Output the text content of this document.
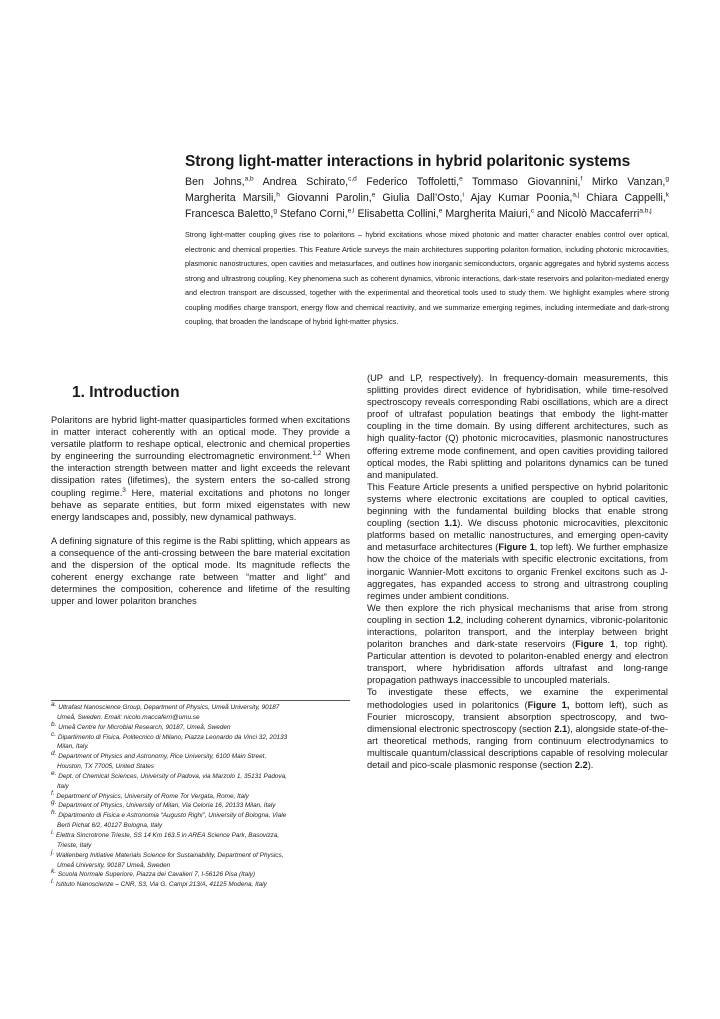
Strong light-matter interactions in hybrid polaritonic systems
Ben Johns,$^{a,b}$ Andrea Schirato,$^{c,d}$ Federico Toffoletti,$^e$ Tommaso Giovannini,$^f$ Mirko Vanzan,$^g$ Margherita Marsili,$^h$ Giovanni Parolin,$^e$ Giulia Dall’Osto,$^i$ Ajay Kumar Poonia,$^{a,j}$ Chiara Cappelli,$^k$ Francesca Baletto,$^g$ Stefano Corni,$^{e,l}$ Elisabetta Collini,$^e$ Margherita Maiuri,$^c$ and Nicolò Maccaferri$^{a,b,j}$

Strong light-matter coupling gives rise to polaritons – hybrid excitations whose mixed photonic and matter character enables control over optical, electronic and chemical properties. This Feature Article surveys the main architectures supporting polariton formation, including photonic microcavities, plasmonic nanostructures, open cavities and metasurfaces, and outlines how inorganic semiconductors, organic aggregates and hybrid systems access strong and ultrastrong coupling. Key phenomena such as coherent dynamics, vibronic interactions, dark-state reservoirs and polariton-mediated energy and electron transport are discussed, together with the experimental and theoretical tools used to study them. We highlight examples where strong coupling modifies charge transport, energy flow and chemical reactivity, and we summarize emerging regimes, including intermediate and dark-strong coupling, that broaden the landscape of hybrid light-matter physics.

1. Introduction

Polaritons are hybrid light-matter quasiparticles formed when excitations in matter interact coherently with an optical mode. They provide a versatile platform to reshape optical, electronic and chemical properties by engineering the surrounding electromagnetic environment.$^{1,2}$ When the interaction strength between matter and light exceeds the relevant dissipation rates (lifetimes), the system enters the so-called strong coupling regime.$^3$ Here, material excitations and photons no longer behave as separate entities, but form mixed eigenstates with new energy landscapes and, possibly, new dynamical pathways.

A defining signature of this regime is the Rabi splitting, which appears as a consequence of the anti-crossing between the bare material excitation and the dispersion of the optical mode. Its magnitude reflects the coherent energy exchange rate between “matter and light” and determines the composition, coherence and lifetime of the resulting upper and lower polariton branches

$^{a.}$ Ultrafast Nanoscience Group, Department of Physics, Umeå University, 90187
Umeå, Sweden. Email: nicolo.maccaferri@umu.se
$^{b.}$ Umeå Centre for Microbial Research, 90187, Umeå, Sweden
$^{c.}$ Dipartimento di Fisica, Politecnico di Milano, Piazza Leonardo da Vinci 32, 20133
Milan, Italy.
$^{d.}$ Department of Physics and Astronomy, Rice University, 6100 Main Street,
Houston, TX 77005, United States
$^{e.}$ Dept. of Chemical Sciences, University of Padova, via Marzolo 1, 35131 Padova,
Italy
$^{f.}$ Department of Physics, University of Rome Tor Vergata, Rome, Italy
$^{g.}$ Department of Physics, University of Milan, Via Celoria 16, 20133 Milan, Italy
$^{h.}$ Dipartimento di Fisica e Astronomia “Augusto Righi”, University of Bologna, Viale
Berti Pichat 6/2, 40127 Bologna, Italy
$^{i.}$ Elettra Sincrotrone Trieste, SS 14 Km 163.5 in AREA Science Park, Basovizza,
Trieste, Italy
$^{j.}$ Wallenberg Initiative Materials Science for Sustainability, Department of Physics,
Umeå University, 90187 Umeå, Sweden
$^{k.}$ Scuola Normale Superiore, Piazza dei Cavalieri 7, I-56126 Pisa (Italy)
$^{l.}$ Istituto Nanoscienze – CNR, S3, Via G. Campi 213/A, 41125 Modena, Italy

(UP and LP, respectively). In frequency-domain measurements, this splitting provides direct evidence of hybridisation, while time-resolved spectroscopy reveals corresponding Rabi oscillations, which are a direct proof of ultrafast population beatings that embody the light-matter coupling in the time domain. By using different architectures, such as high quality-factor (Q) photonic microcavities, plasmonic nanostructures offering extreme mode confinement, and open cavities providing tailored optical modes, the Rabi splitting and polaritons dynamics can be tuned and manipulated.

This Feature Article presents a unified perspective on hybrid polaritonic systems where electronic excitations are coupled to optical cavities, beginning with the fundamental building blocks that enable strong coupling (section 1.1). We discuss photonic microcavities, plexcitonic platforms based on metallic nanostructures, and emerging open-cavity and metasurface architectures (Figure 1, top left). We further emphasize how the choice of the materials with specific electronic excitations, from inorganic Wannier-Mott excitons to organic Frenkel excitons such as J-aggregates, has expanded access to strong and ultrastrong coupling regimes under ambient conditions.

We then explore the rich physical mechanisms that arise from strong coupling in section 1.2, including coherent dynamics, vibronic-polaritonic interactions, polariton transport, and the interplay between bright polariton branches and dark-state reservoirs (Figure 1, top right). Particular attention is devoted to polariton-enabled energy and electron transport, where hybridisation affords ultrafast and long-range propagation pathways inaccessible to uncoupled materials.

To investigate these effects, we examine the experimental methodologies used in polaritonics (Figure 1, bottom left), such as Fourier microscopy, transient absorption spectroscopy, and two-dimensional electronic spectroscopy (section 2.1), alongside state-of-the-art theoretical methods, ranging from continuum electrodynamics to multiscale quantum/classical descriptions capable of resolving molecular detail and pico-scale plasmonic response (section 2.2).
